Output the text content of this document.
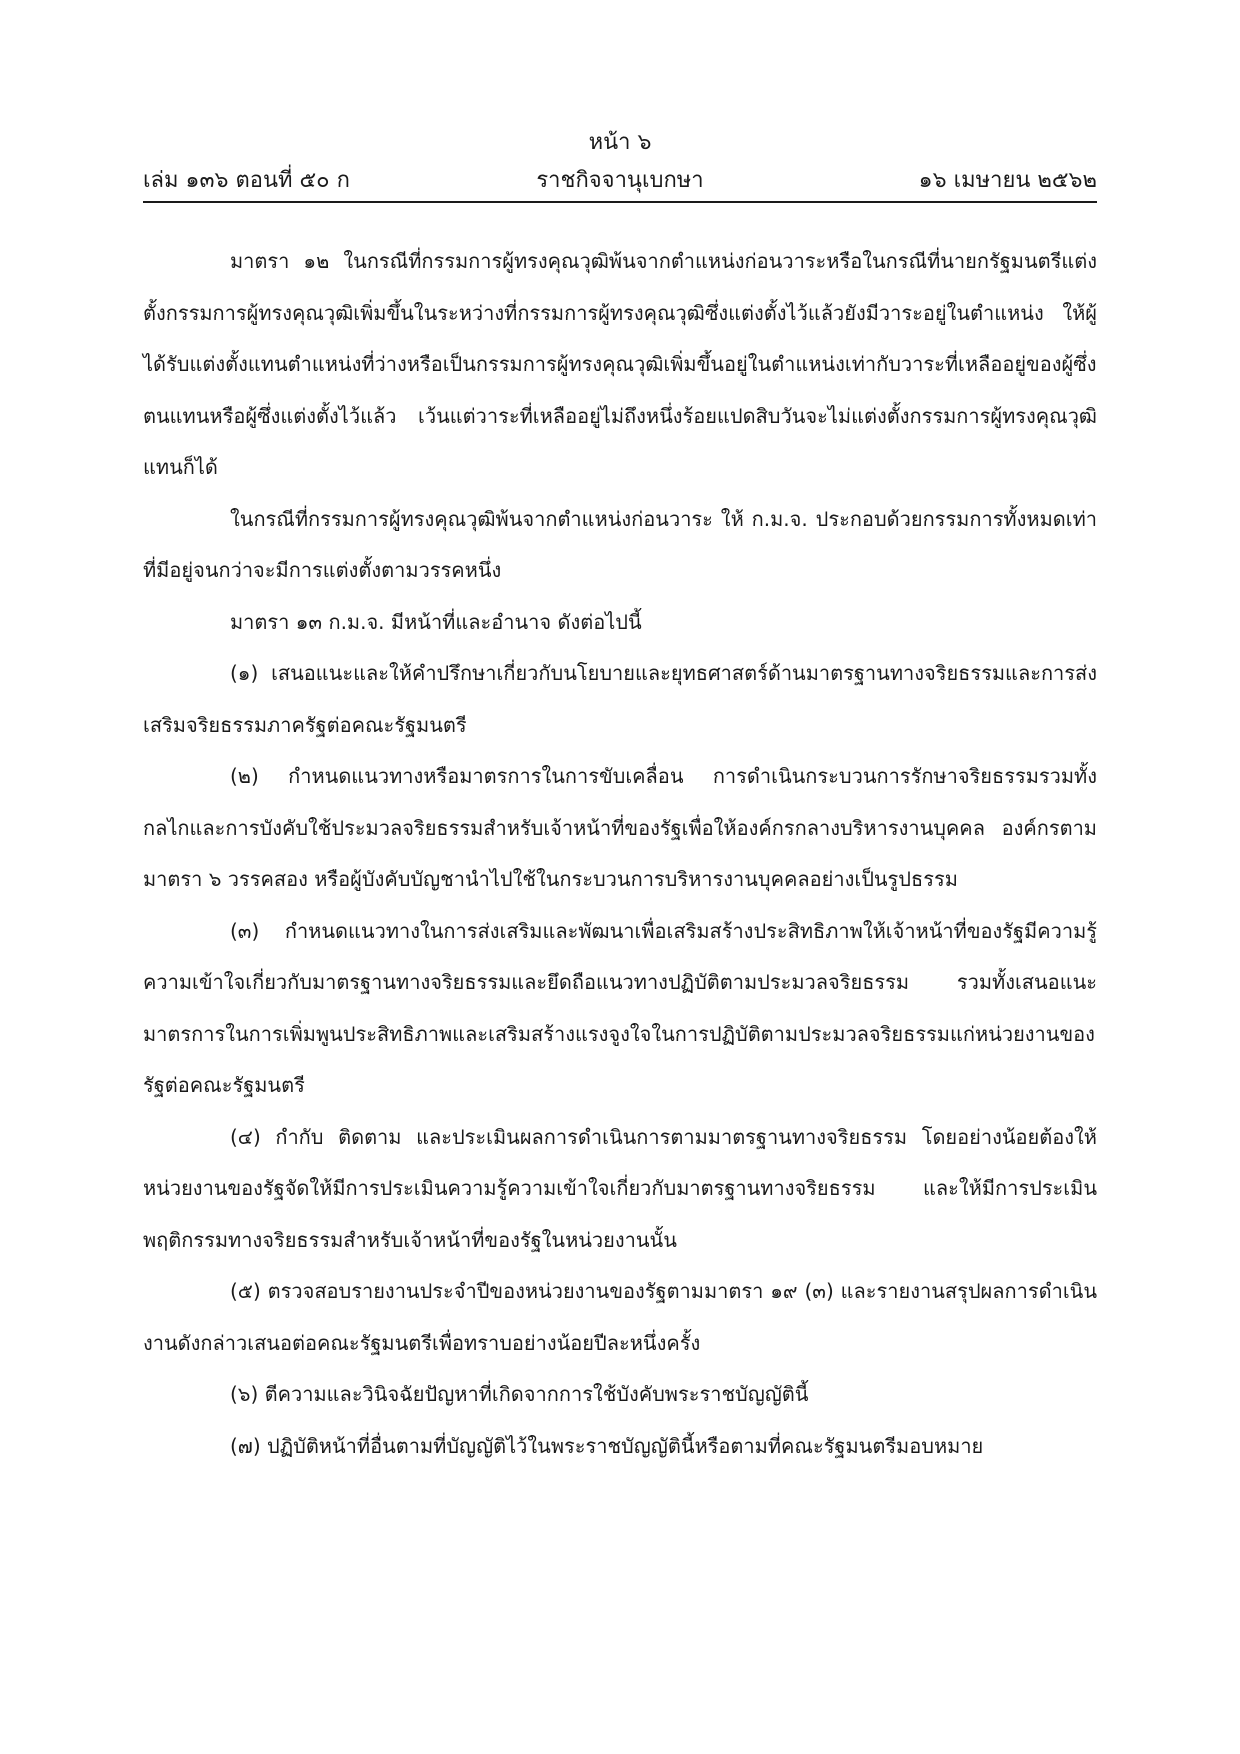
หน้า ๖
ราชกิจจานุเบกษา
เล่ม ๑๓๖ ตอนที่ ๕๐ ก	๑๖ เมษายน ๒๕๖๒

มาตรา ๑๒ ในกรณีที่กรรมการผู้ทรงคุณวุฒิพ้นจากตำแหน่งก่อนวาระหรือในกรณีที่นายกรัฐมนตรีแต่งตั้งกรรมการผู้ทรงคุณวุฒิเพิ่มขึ้นในระหว่างที่กรรมการผู้ทรงคุณวุฒิซึ่งแต่งตั้งไว้แล้วยังมีวาระอยู่ในตำแหน่ง ให้ผู้ได้รับแต่งตั้งแทนตำแหน่งที่ว่างหรือเป็นกรรมการผู้ทรงคุณวุฒิเพิ่มขึ้นอยู่ในตำแหน่งเท่ากับวาระที่เหลืออยู่ของผู้ซึ่งตนแทนหรือผู้ซึ่งแต่งตั้งไว้แล้ว เว้นแต่วาระที่เหลืออยู่ไม่ถึงหนึ่งร้อยแปดสิบวันจะไม่แต่งตั้งกรรมการผู้ทรงคุณวุฒิแทนก็ได้

ในกรณีที่กรรมการผู้ทรงคุณวุฒิพ้นจากตำแหน่งก่อนวาระ ให้ ก.ม.จ. ประกอบด้วยกรรมการทั้งหมดเท่าที่มีอยู่จนกว่าจะมีการแต่งตั้งตามวรรคหนึ่ง

มาตรา ๑๓ ก.ม.จ. มีหน้าที่และอำนาจ ดังต่อไปนี้

(๑) เสนอแนะและให้คำปรึกษาเกี่ยวกับนโยบายและยุทธศาสตร์ด้านมาตรฐานทางจริยธรรมและการส่งเสริมจริยธรรมภาครัฐต่อคณะรัฐมนตรี

(๒) กำหนดแนวทางหรือมาตรการในการขับเคลื่อน การดำเนินกระบวนการรักษาจริยธรรมรวมทั้งกลไกและการบังคับใช้ประมวลจริยธรรมสำหรับเจ้าหน้าที่ของรัฐเพื่อให้องค์กรกลางบริหารงานบุคคล องค์กรตามมาตรา ๖ วรรคสอง หรือผู้บังคับบัญชานำไปใช้ในกระบวนการบริหารงานบุคคลอย่างเป็นรูปธรรม

(๓) กำหนดแนวทางในการส่งเสริมและพัฒนาเพื่อเสริมสร้างประสิทธิภาพให้เจ้าหน้าที่ของรัฐมีความรู้ความเข้าใจเกี่ยวกับมาตรฐานทางจริยธรรมและยึดถือแนวทางปฏิบัติตามประมวลจริยธรรม รวมทั้งเสนอแนะมาตรการในการเพิ่มพูนประสิทธิภาพและเสริมสร้างแรงจูงใจในการปฏิบัติตามประมวลจริยธรรมแก่หน่วยงานของรัฐต่อคณะรัฐมนตรี

(๔) กำกับ ติดตาม และประเมินผลการดำเนินการตามมาตรฐานทางจริยธรรม โดยอย่างน้อยต้องให้หน่วยงานของรัฐจัดให้มีการประเมินความรู้ความเข้าใจเกี่ยวกับมาตรฐานทางจริยธรรม และให้มีการประเมินพฤติกรรมทางจริยธรรมสำหรับเจ้าหน้าที่ของรัฐในหน่วยงานนั้น

(๕) ตรวจสอบรายงานประจำปีของหน่วยงานของรัฐตามมาตรา ๑๙ (๓) และรายงานสรุปผลการดำเนินงานดังกล่าวเสนอต่อคณะรัฐมนตรีเพื่อทราบอย่างน้อยปีละหนึ่งครั้ง

(๖) ตีความและวินิจฉัยปัญหาที่เกิดจากการใช้บังคับพระราชบัญญัตินี้

(๗) ปฏิบัติหน้าที่อื่นตามที่บัญญัติไว้ในพระราชบัญญัตินี้หรือตามที่คณะรัฐมนตรีมอบหมาย
